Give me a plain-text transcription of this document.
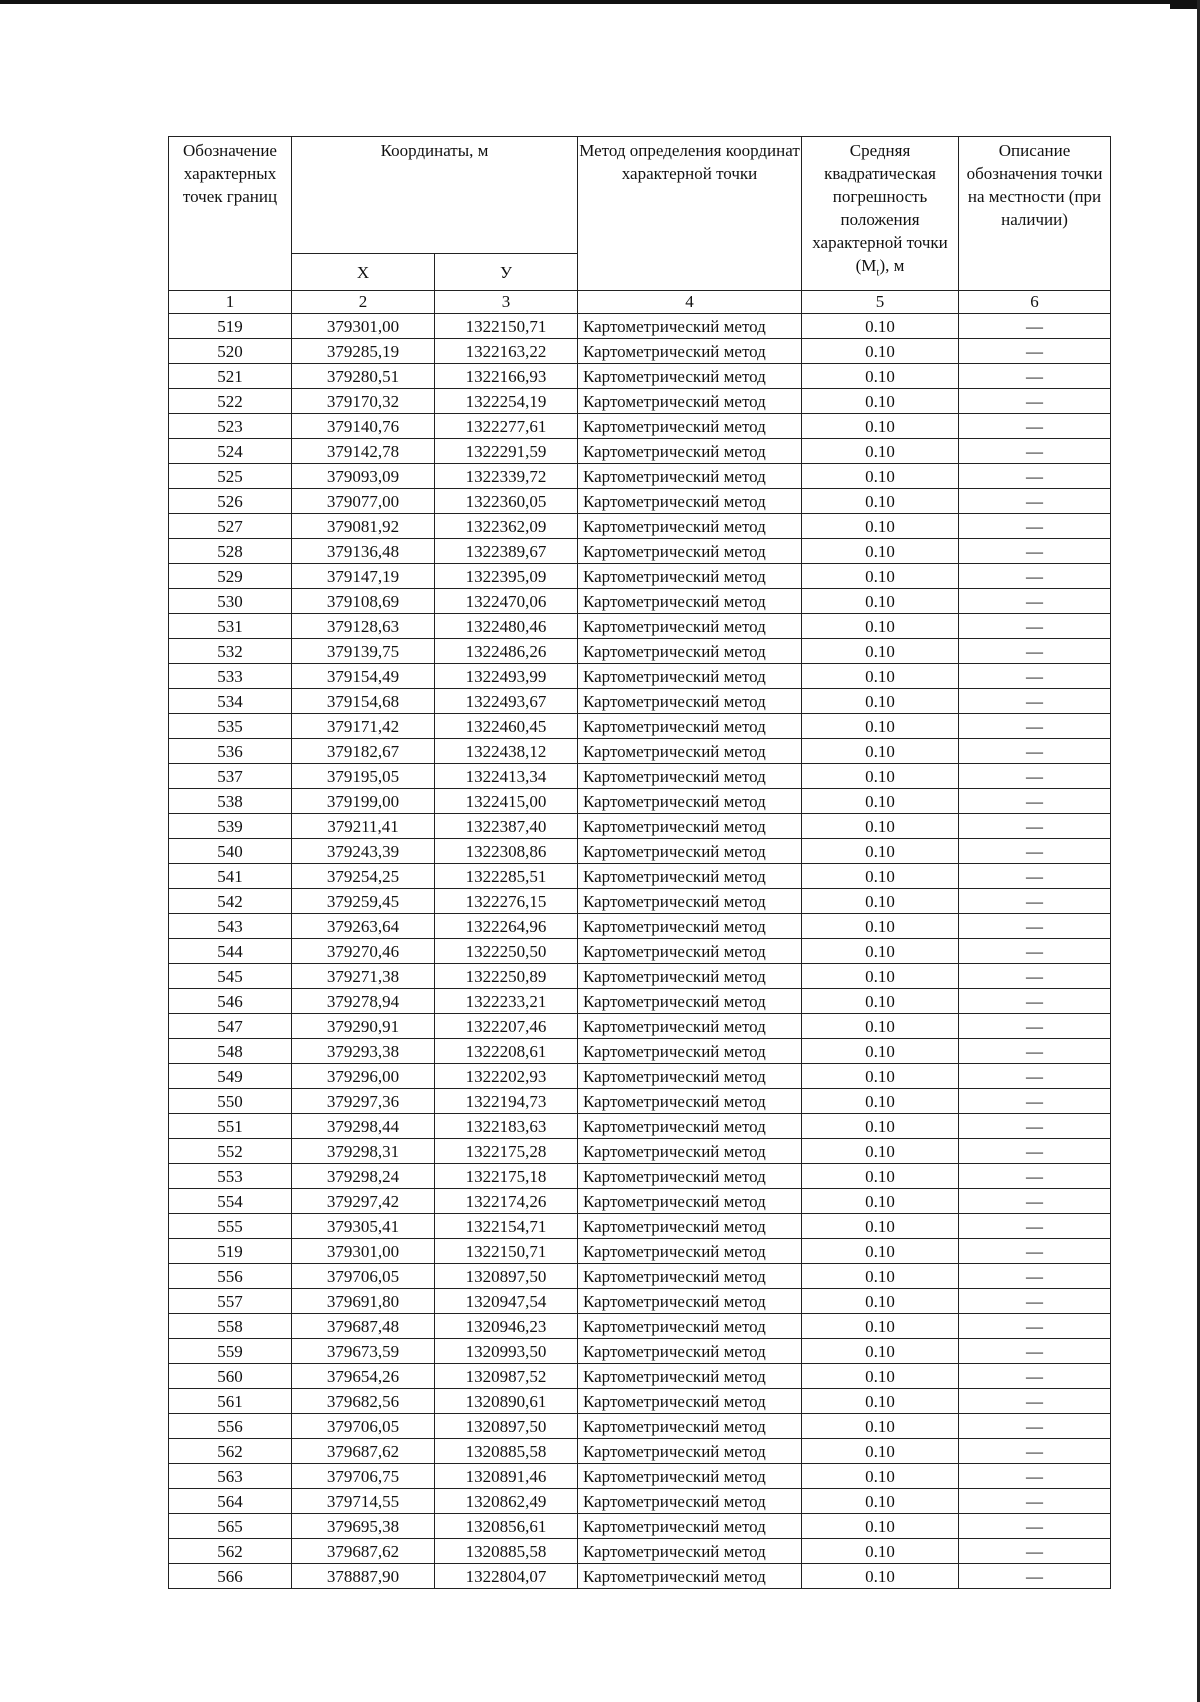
Обозначение характерных точек границ	Координаты, м		Метод определения координат характерной точки	Средняя квадратическая погрешность положения характерной точки $(M_t)$, м	Описание обозначения точки на местности (при наличии)
	Х	У			
1	2	3	4	5	6
519	379301,00	1322150,71	Картометрический метод	0.10	—
520	379285,19	1322163,22	Картометрический метод	0.10	—
521	379280,51	1322166,93	Картометрический метод	0.10	—
522	379170,32	1322254,19	Картометрический метод	0.10	—
523	379140,76	1322277,61	Картометрический метод	0.10	—
524	379142,78	1322291,59	Картометрический метод	0.10	—
525	379093,09	1322339,72	Картометрический метод	0.10	—
526	379077,00	1322360,05	Картометрический метод	0.10	—
527	379081,92	1322362,09	Картометрический метод	0.10	—
528	379136,48	1322389,67	Картометрический метод	0.10	—
529	379147,19	1322395,09	Картометрический метод	0.10	—
530	379108,69	1322470,06	Картометрический метод	0.10	—
531	379128,63	1322480,46	Картометрический метод	0.10	—
532	379139,75	1322486,26	Картометрический метод	0.10	—
533	379154,49	1322493,99	Картометрический метод	0.10	—
534	379154,68	1322493,67	Картометрический метод	0.10	—
535	379171,42	1322460,45	Картометрический метод	0.10	—
536	379182,67	1322438,12	Картометрический метод	0.10	—
537	379195,05	1322413,34	Картометрический метод	0.10	—
538	379199,00	1322415,00	Картометрический метод	0.10	—
539	379211,41	1322387,40	Картометрический метод	0.10	—
540	379243,39	1322308,86	Картометрический метод	0.10	—
541	379254,25	1322285,51	Картометрический метод	0.10	—
542	379259,45	1322276,15	Картометрический метод	0.10	—
543	379263,64	1322264,96	Картометрический метод	0.10	—
544	379270,46	1322250,50	Картометрический метод	0.10	—
545	379271,38	1322250,89	Картометрический метод	0.10	—
546	379278,94	1322233,21	Картометрический метод	0.10	—
547	379290,91	1322207,46	Картометрический метод	0.10	—
548	379293,38	1322208,61	Картометрический метод	0.10	—
549	379296,00	1322202,93	Картометрический метод	0.10	—
550	379297,36	1322194,73	Картометрический метод	0.10	—
551	379298,44	1322183,63	Картометрический метод	0.10	—
552	379298,31	1322175,28	Картометрический метод	0.10	—
553	379298,24	1322175,18	Картометрический метод	0.10	—
554	379297,42	1322174,26	Картометрический метод	0.10	—
555	379305,41	1322154,71	Картометрический метод	0.10	—
519	379301,00	1322150,71	Картометрический метод	0.10	—
556	379706,05	1320897,50	Картометрический метод	0.10	—
557	379691,80	1320947,54	Картометрический метод	0.10	—
558	379687,48	1320946,23	Картометрический метод	0.10	—
559	379673,59	1320993,50	Картометрический метод	0.10	—
560	379654,26	1320987,52	Картометрический метод	0.10	—
561	379682,56	1320890,61	Картометрический метод	0.10	—
556	379706,05	1320897,50	Картометрический метод	0.10	—
562	379687,62	1320885,58	Картометрический метод	0.10	—
563	379706,75	1320891,46	Картометрический метод	0.10	—
564	379714,55	1320862,49	Картометрический метод	0.10	—
565	379695,38	1320856,61	Картометрический метод	0.10	—
562	379687,62	1320885,58	Картометрический метод	0.10	—
566	378887,90	1322804,07	Картометрический метод	0.10	—
